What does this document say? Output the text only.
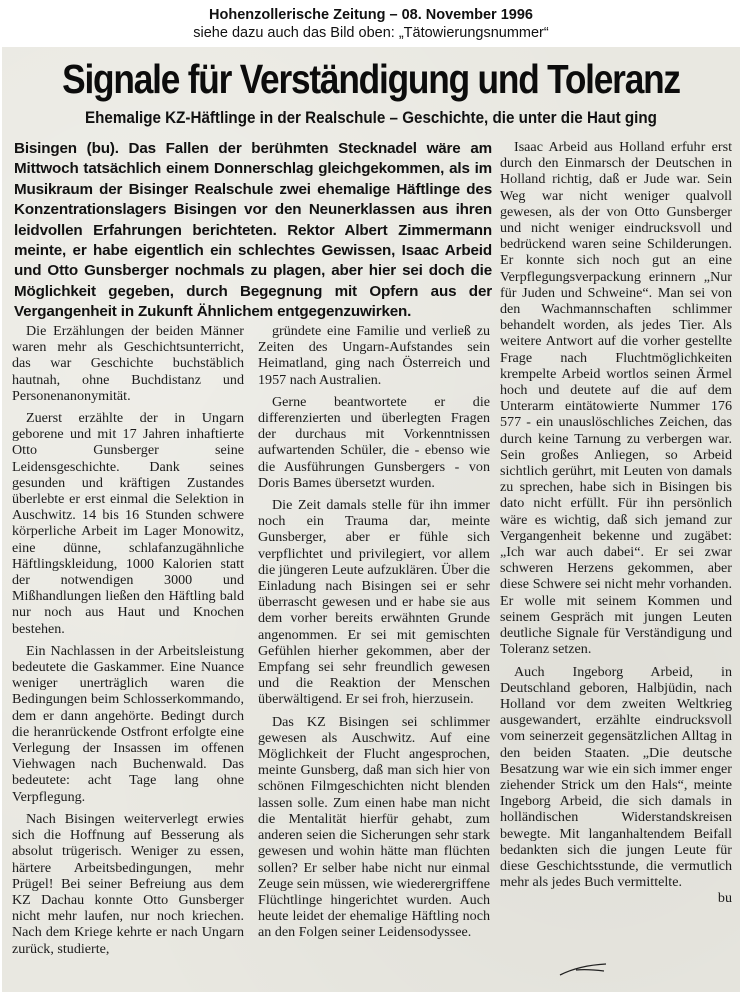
Hohenzollerische Zeitung – 08. November 1996
siehe dazu auch das Bild oben: „Tätowierungsnummer“
Signale für Verständigung und Toleranz
Ehemalige KZ-Häftlinge in der Realschule – Geschichte, die unter die Haut ging
Bisingen (bu). Das Fallen der berühmten Stecknadel wäre am Mittwoch tatsächlich einem Donnerschlag gleichgekommen, als im Musikraum der Bisinger Realschule zwei ehemalige Häftlinge des Konzentrationslagers Bisingen vor den Neunerklassen aus ihren leidvollen Erfahrungen berichteten. Rektor Albert Zimmermann meinte, er habe eigentlich ein schlechtes Gewissen, Isaac Arbeid und Otto Gunsberger nochmals zu plagen, aber hier sei doch die Möglichkeit gegeben, durch Begegnung mit Opfern aus der Vergangenheit in Zukunft Ähnlichem entgegenzuwirken.

Die Erzählungen der beiden Männer waren mehr als Geschichtsunterricht, das war Geschichte buchstäblich hautnah, ohne Buchdistanz und Personenanonymität.

Zuerst erzählte der in Ungarn geborene und mit 17 Jahren inhaftierte Otto Gunsberger seine Leidensgeschichte. Dank seines gesunden und kräftigen Zustandes überlebte er erst einmal die Selektion in Auschwitz. 14 bis 16 Stunden schwere körperliche Arbeit im Lager Monowitz, eine dünne, schlafanzugähnliche Häftlingskleidung, 1000 Kalorien statt der notwendigen 3000 und Mißhandlungen ließen den Häftling bald nur noch aus Haut und Knochen bestehen.

Ein Nachlassen in der Arbeitsleistung bedeutete die Gaskammer. Eine Nuance weniger unerträglich waren die Bedingungen beim Schlosserkommando, dem er dann angehörte. Bedingt durch die heranrückende Ostfront erfolgte eine Verlegung der Insassen im offenen Viehwagen nach Buchenwald. Das bedeutete: acht Tage lang ohne Verpflegung.

Nach Bisingen weiterverlegt erwies sich die Hoffnung auf Besserung als absolut trügerisch. Weniger zu essen, härtere Arbeitsbedingungen, mehr Prügel! Bei seiner Befreiung aus dem KZ Dachau konnte Otto Gunsberger nicht mehr laufen, nur noch kriechen. Nach dem Kriege kehrte er nach Ungarn zurück, studierte,

gründete eine Familie und verließ zu Zeiten des Ungarn-Aufstandes sein Heimatland, ging nach Österreich und 1957 nach Australien.

Gerne beantwortete er die differenzierten und überlegten Fragen der durchaus mit Vorkenntnissen aufwartenden Schüler, die - ebenso wie die Ausführungen Gunsbergers - von Doris Bames übersetzt wurden.

Die Zeit damals stelle für ihn immer noch ein Trauma dar, meinte Gunsberger, aber er fühle sich verpflichtet und privilegiert, vor allem die jüngeren Leute aufzuklären. Über die Einladung nach Bisingen sei er sehr überrascht gewesen und er habe sie aus dem vorher bereits erwähnten Grunde angenommen. Er sei mit gemischten Gefühlen hierher gekommen, aber der Empfang sei sehr freundlich gewesen und die Reaktion der Menschen überwältigend. Er sei froh, hierzusein.

Das KZ Bisingen sei schlimmer gewesen als Auschwitz. Auf eine Möglichkeit der Flucht angesprochen, meinte Gunsberg, daß man sich hier von schönen Filmgeschichten nicht blenden lassen solle. Zum einen habe man nicht die Mentalität hierfür gehabt, zum anderen seien die Sicherungen sehr stark gewesen und wohin hätte man flüchten sollen? Er selber habe nicht nur einmal Zeuge sein müssen, wie wiederergriffene Flüchtlinge hingerichtet wurden. Auch heute leidet der ehemalige Häftling noch an den Folgen seiner Leidensodyssee.

Isaac Arbeid aus Holland erfuhr erst durch den Einmarsch der Deutschen in Holland richtig, daß er Jude war. Sein Weg war nicht weniger qualvoll gewesen, als der von Otto Gunsberger und nicht weniger eindrucksvoll und bedrückend waren seine Schilderungen. Er konnte sich noch gut an eine Verpflegungsverpackung erinnern „Nur für Juden und Schweine“. Man sei von den Wachmannschaften schlimmer behandelt worden, als jedes Tier. Als weitere Antwort auf die vorher gestellte Frage nach Fluchtmöglichkeiten krempelte Arbeid wortlos seinen Ärmel hoch und deutete auf die auf dem Unterarm eintätowierte Nummer 176 577 - ein unauslöschliches Zeichen, das durch keine Tarnung zu verbergen war. Sein großes Anliegen, so Arbeid sichtlich gerührt, mit Leuten von damals zu sprechen, habe sich in Bisingen bis dato nicht erfüllt. Für ihn persönlich wäre es wichtig, daß sich jemand zur Vergangenheit bekenne und zugäbet: „Ich war auch dabei“. Er sei zwar schweren Herzens gekommen, aber diese Schwere sei nicht mehr vorhanden. Er wolle mit seinem Kommen und seinem Gespräch mit jungen Leuten deutliche Signale für Verständigung und Toleranz setzen.

Auch Ingeborg Arbeid, in Deutschland geboren, Halbjüdin, nach Holland vor dem zweiten Weltkrieg ausgewandert, erzählte eindrucksvoll vom seinerzeit gegensätzlichen Alltag in den beiden Staaten. „Die deutsche Besatzung war wie ein sich immer enger ziehender Strick um den Hals“, meinte Ingeborg Arbeid, die sich damals in holländischen Widerstandskreisen bewegte. Mit langanhaltendem Beifall bedankten sich die jungen Leute für diese Geschichtsstunde, die vermutlich mehr als jedes Buch vermittelte.

bu
